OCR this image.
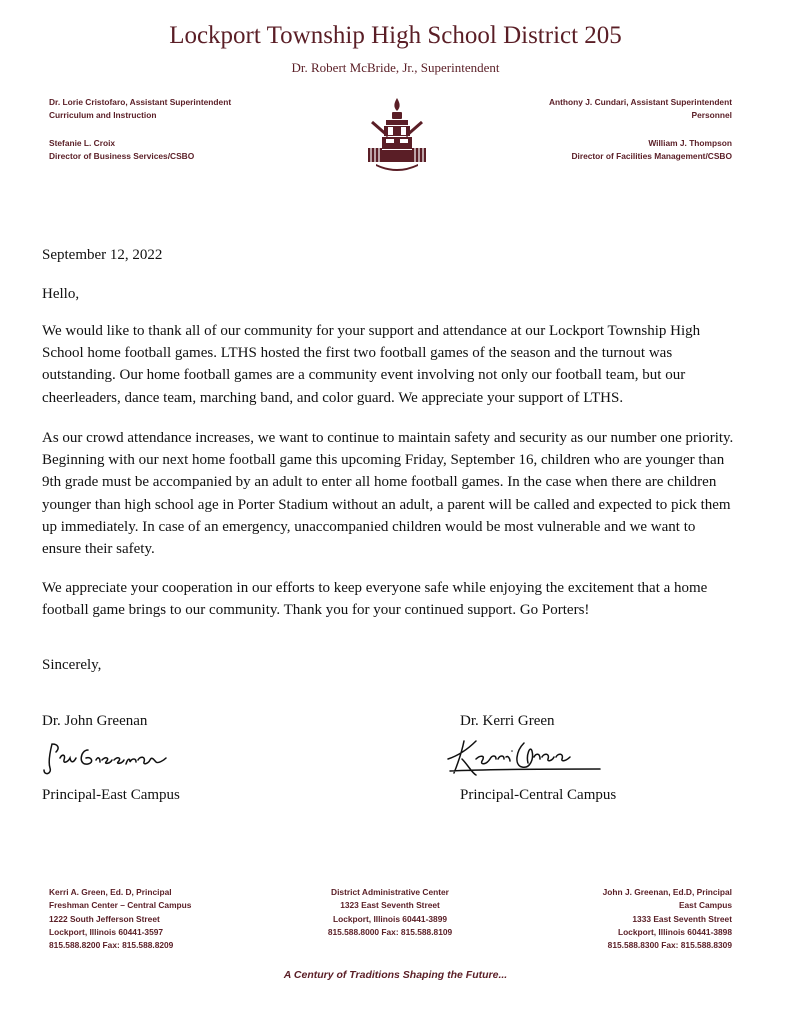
Lockport Township High School District 205
Dr. Robert McBride, Jr., Superintendent
Dr. Lorie Cristofaro, Assistant Superintendent
Curriculum and Instruction
Stefanie L. Croix
Director of Business Services/CSBO
Anthony J. Cundari, Assistant Superintendent
Personnel
William J. Thompson
Director of Facilities Management/CSBO
September 12, 2022
Hello,
We would like to thank all of our community for your support and attendance at our Lockport Township High School home football games. LTHS hosted the first two football games of the season and the turnout was outstanding. Our home football games are a community event involving not only our football team, but our cheerleaders, dance team, marching band, and color guard. We appreciate your support of LTHS.
As our crowd attendance increases, we want to continue to maintain safety and security as our number one priority. Beginning with our next home football game this upcoming Friday, September 16, children who are younger than 9th grade must be accompanied by an adult to enter all home football games. In the case when there are children younger than high school age in Porter Stadium without an adult, a parent will be called and expected to pick them up immediately. In case of an emergency, unaccompanied children would be most vulnerable and we want to ensure their safety.
We appreciate your cooperation in our efforts to keep everyone safe while enjoying the excitement that a home football game brings to our community. Thank you for your continued support. Go Porters!
Sincerely,
Dr. John Greenan
Principal-East Campus
Dr. Kerri Green
Principal-Central Campus
Kerri A. Green, Ed. D, Principal
Freshman Center – Central Campus
1222 South Jefferson Street
Lockport, Illinois 60441-3597
815.588.8200 Fax: 815.588.8209
District Administrative Center
1323 East Seventh Street
Lockport, Illinois 60441-3899
815.588.8000 Fax: 815.588.8109
John J. Greenan, Ed.D, Principal
East Campus
1333 East Seventh Street
Lockport, Illinois 60441-3898
815.588.8300 Fax: 815.588.8309
A Century of Traditions Shaping the Future...
